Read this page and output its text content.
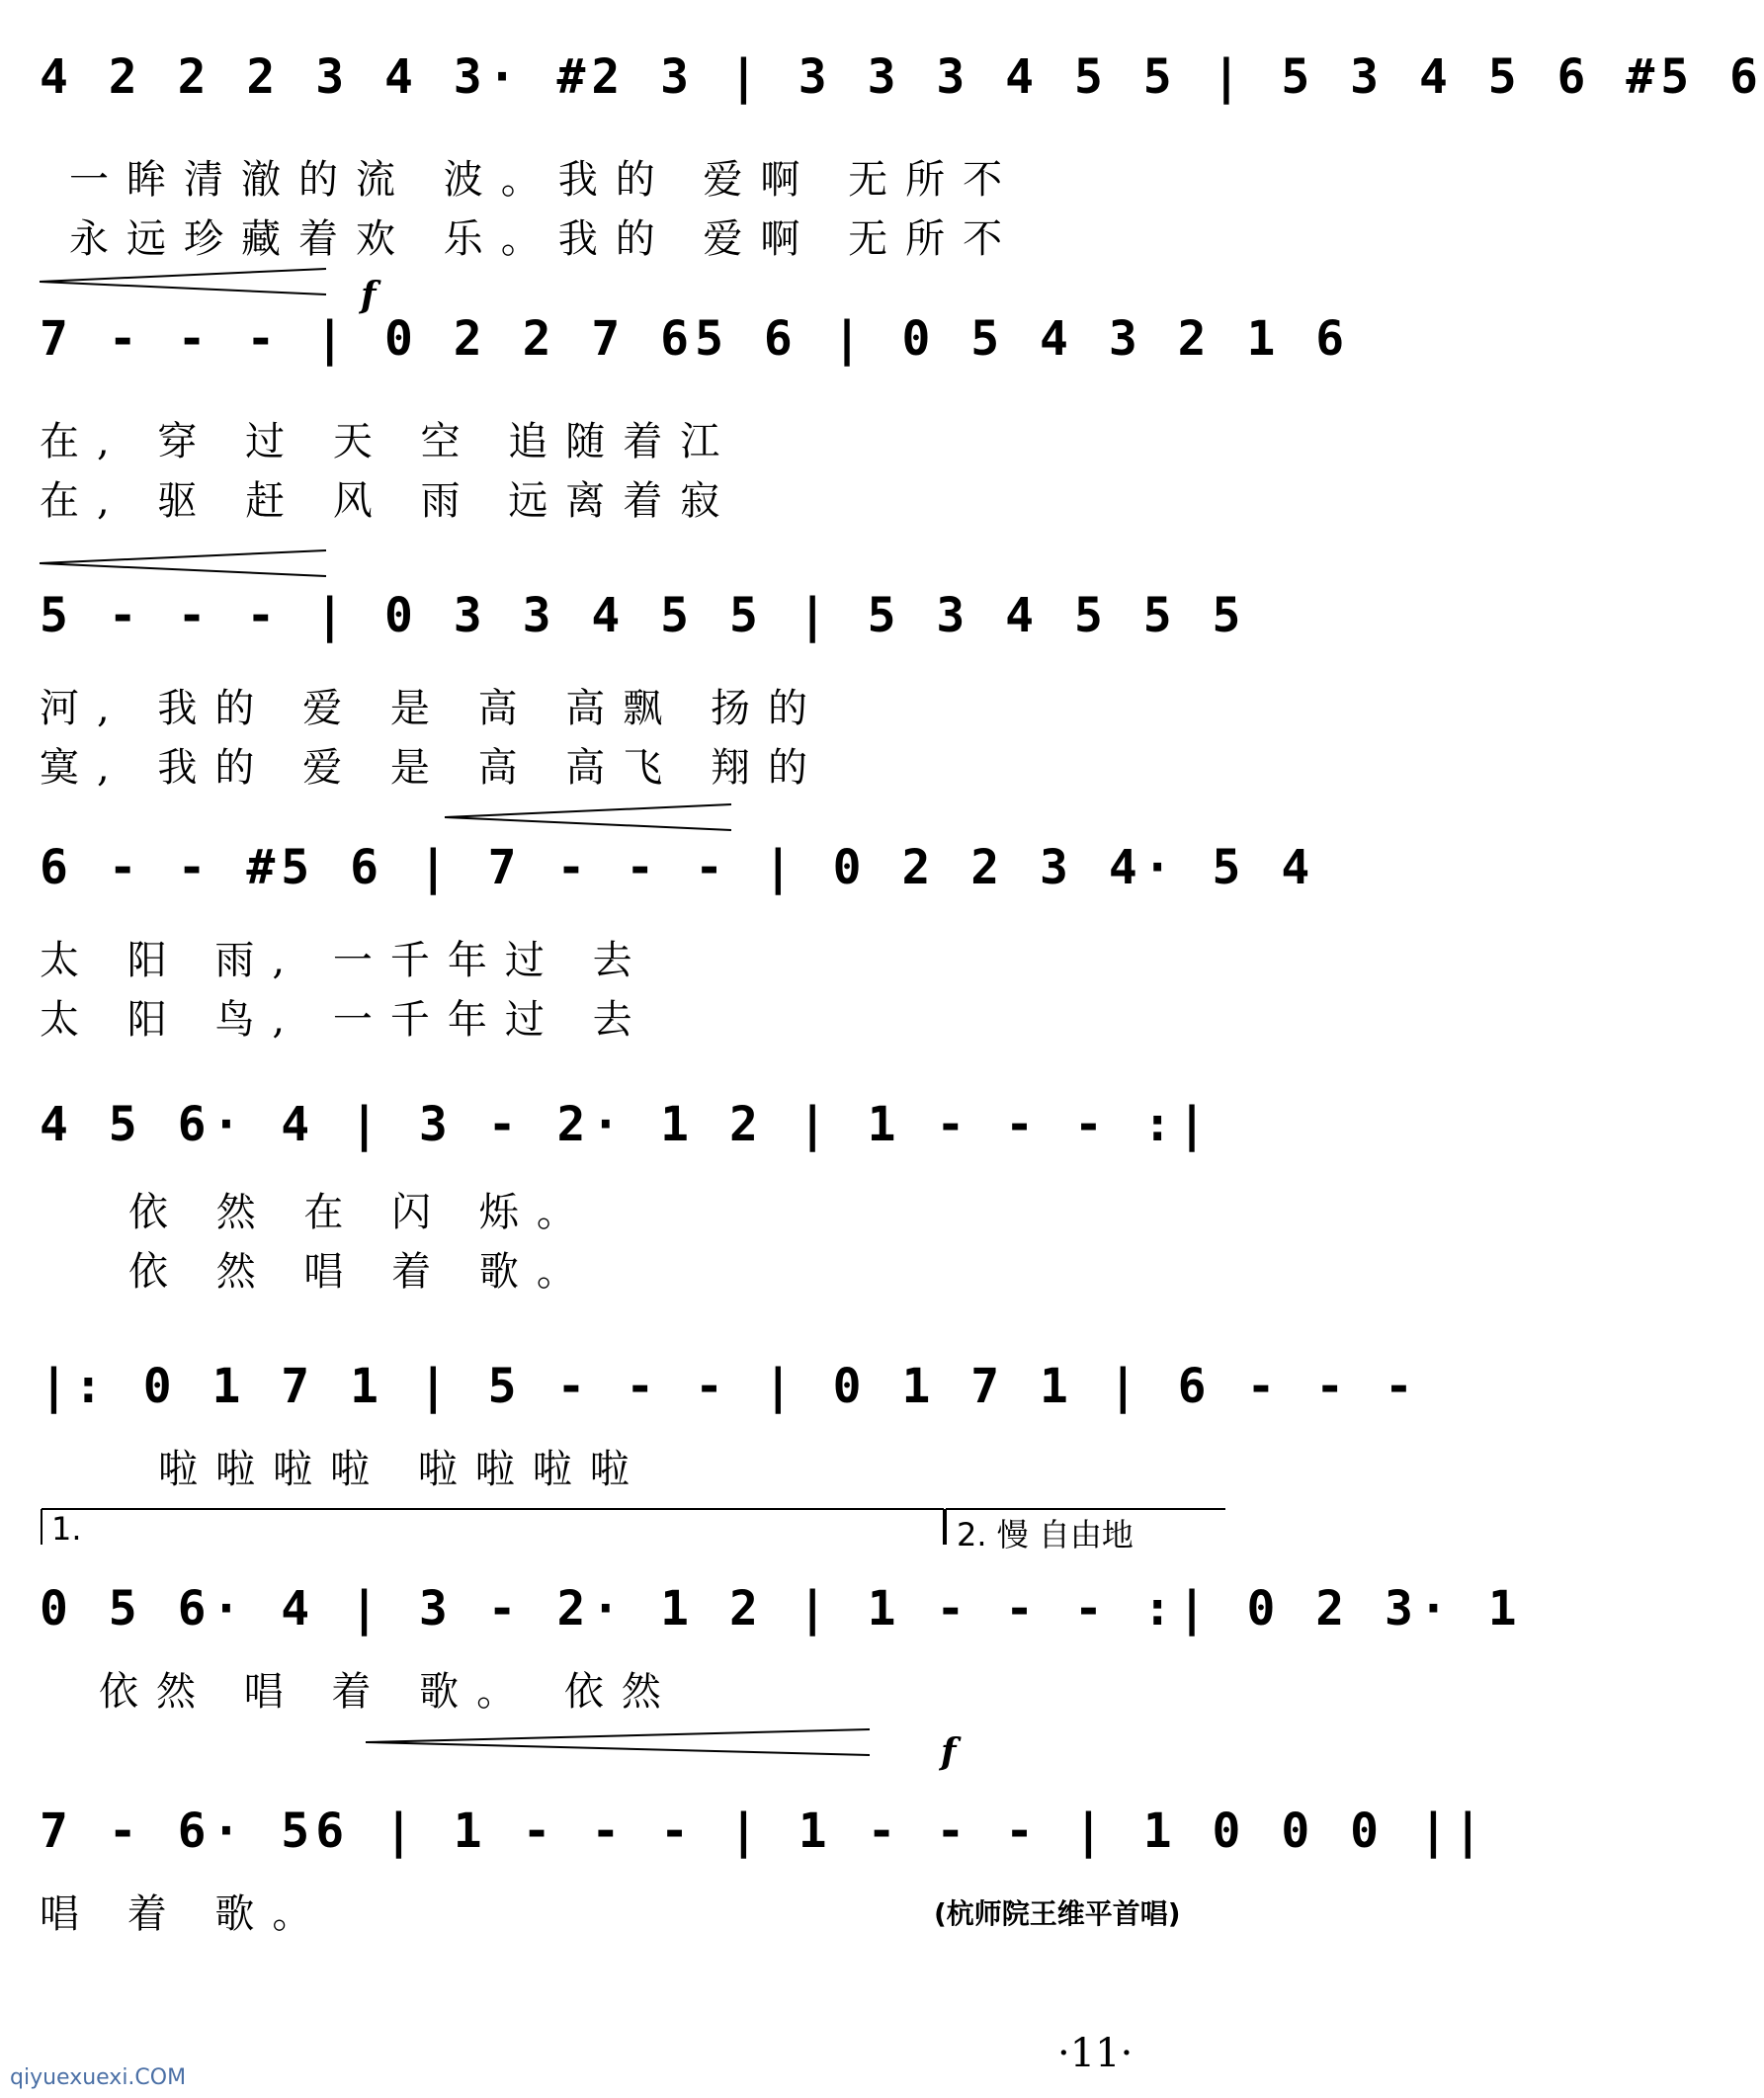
4 2 2 2 3 4 3· #2 3 | 3 3 3 4 5 5 | 5 3 4 5 6 #5 6
一眸清澈的流 波。我的 爱啊 无所不
永远珍藏着欢 乐。我的 爱啊 无所不
f
7 - - - | 0 2 2 7 65 6 | 0 5 4 3 2 1 6
在, 穿 过 天 空 追随着江
在, 驱 赶 风 雨 远离着寂
5 - - - | 0 3 3 4 5 5 | 5 3 4 5 5 5
河, 我的 爱 是 高 高飘 扬的
寞, 我的 爱 是 高 高飞 翔的
6 - - #5 6 | 7 - - - | 0 2 2 3 4· 5 4
太 阳 雨, 一千年过 去
太 阳 鸟, 一千年过 去
4 5 6· 4 | 3 - 2· 1 2 | 1 - - - :|
依 然 在 闪 烁。
依 然 唱 着 歌。
|: 0 1 7 1 | 5 - - - | 0 1 7 1 | 6 - - -
啦啦啦啦 啦啦啦啦
1.	2. 慢 自由地
0 5 6· 4 | 3 - 2· 1 2 | 1 - - - :| 0 2 3· 1
依然 唱 着 歌。 依然
f
7 - 6· 56 | 1 - - - | 1 - - - | 1 0 0 0 ||
唱 着 歌。	(杭师院王维平首唱)
·11·
qiyuexuexi.COM
